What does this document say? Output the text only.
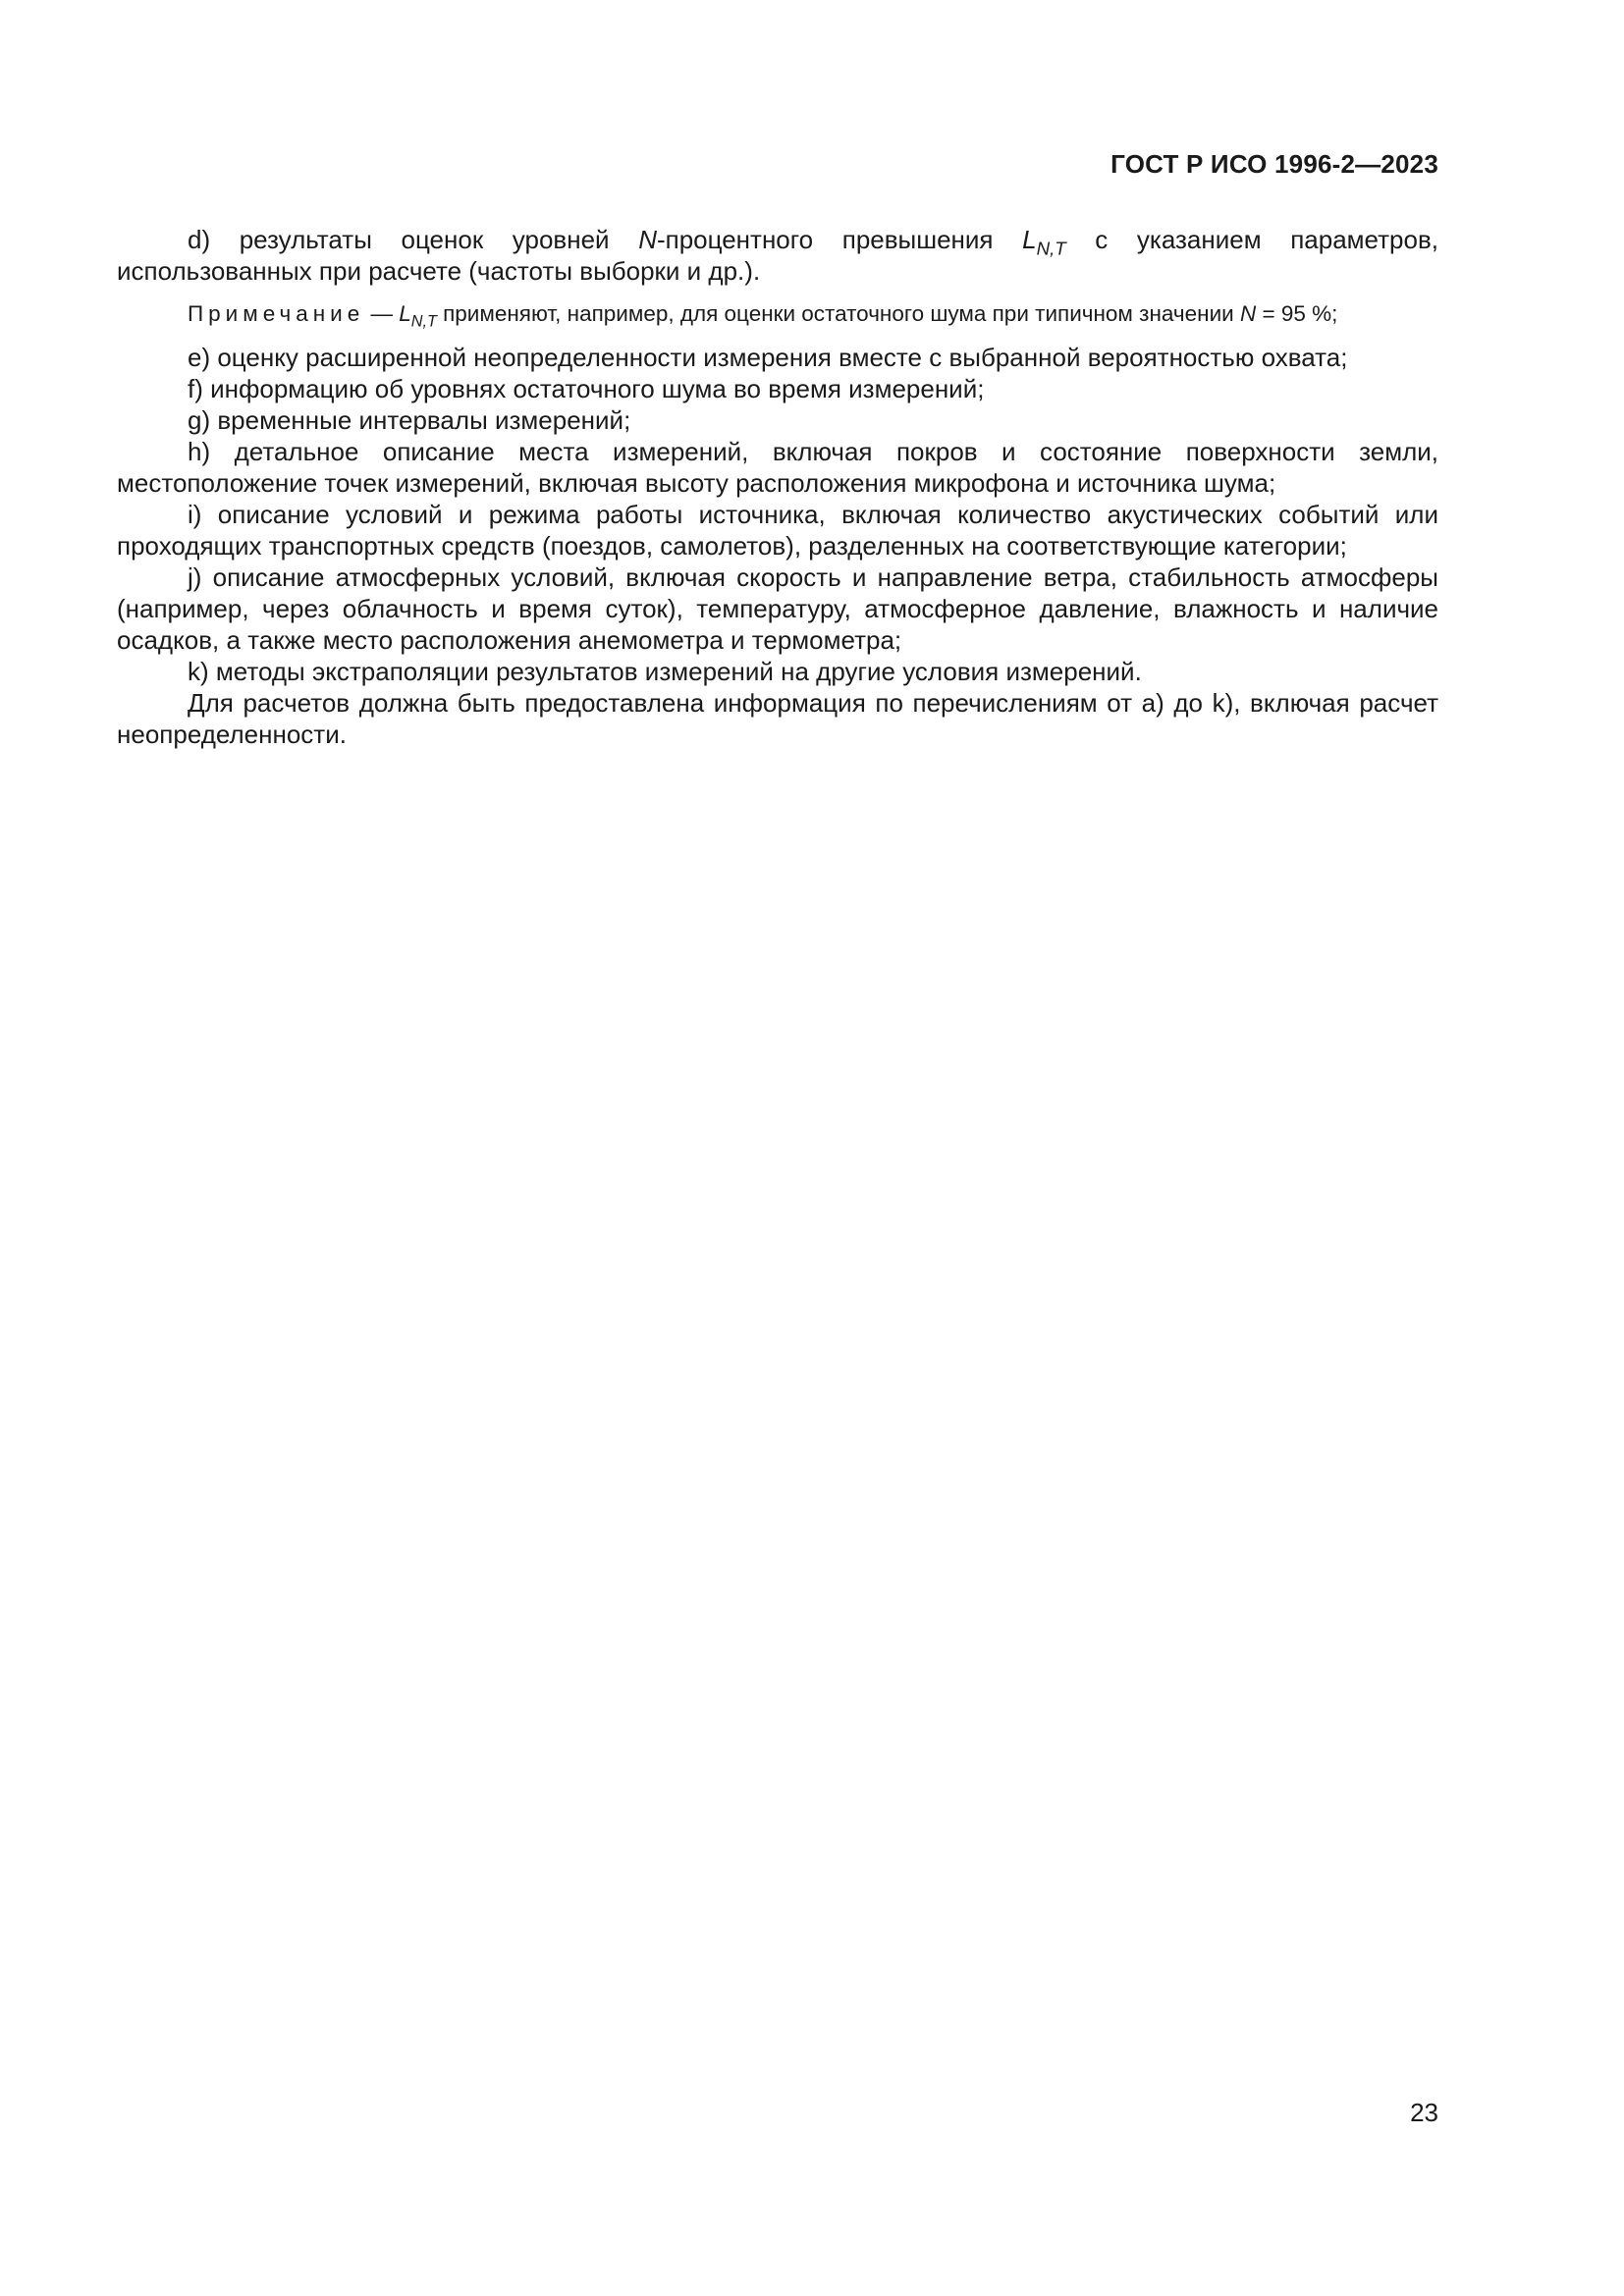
ГОСТ Р ИСО 1996-2—2023

d) результаты оценок уровней N-процентного превышения $L_{N,T}$ с указанием параметров, использованных при расчете (частоты выборки и др.).

Примечание — $L_{N,T}$ применяют, например, для оценки остаточного шума при типичном значении N = 95 %;

e) оценку расширенной неопределенности измерения вместе с выбранной вероятностью охвата;

f) информацию об уровнях остаточного шума во время измерений;

g) временные интервалы измерений;

h) детальное описание места измерений, включая покров и состояние поверхности земли, местоположение точек измерений, включая высоту расположения микрофона и источника шума;

i) описание условий и режима работы источника, включая количество акустических событий или проходящих транспортных средств (поездов, самолетов), разделенных на соответствующие категории;

j) описание атмосферных условий, включая скорость и направление ветра, стабильность атмосферы (например, через облачность и время суток), температуру, атмосферное давление, влажность и наличие осадков, а также место расположения анемометра и термометра;

k) методы экстраполяции результатов измерений на другие условия измерений.

Для расчетов должна быть предоставлена информация по перечислениям от а) до k), включая расчет неопределенности.

23
